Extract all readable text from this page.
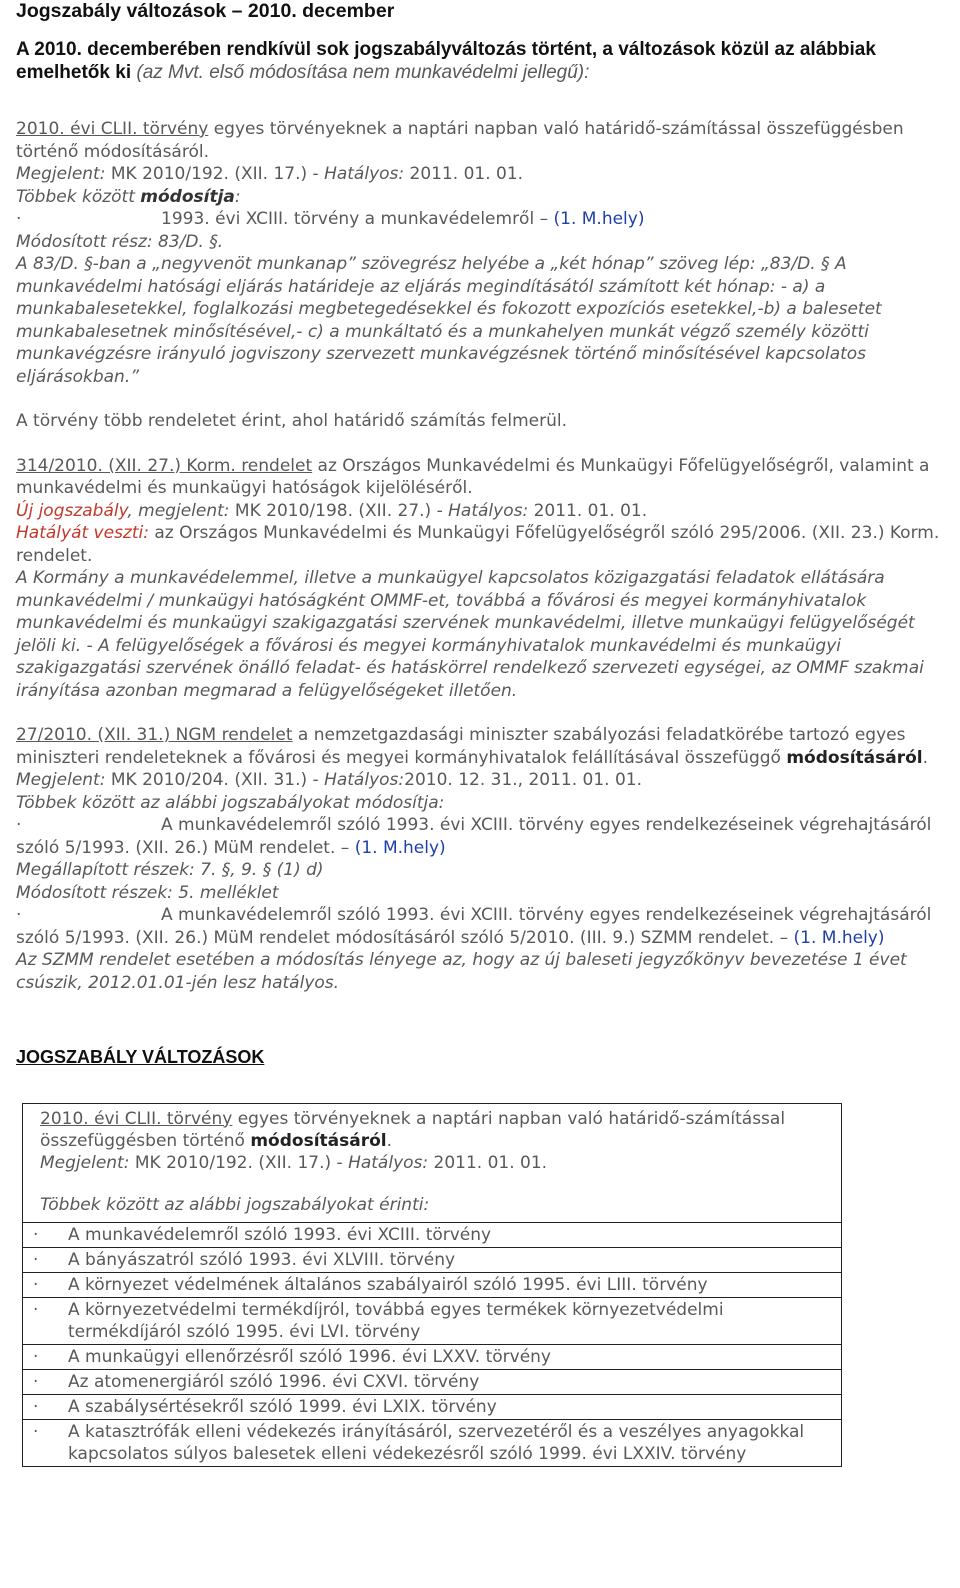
Jogszabály változások – 2010. december

A 2010. decemberében rendkívül sok jogszabályváltozás történt, a változások közül az alábbiak emelhetők ki (az Mvt. első módosítása nem munkavédelmi jellegű):

2010. évi CLII. törvény egyes törvényeknek a naptári napban való határidő-számítással összefüggésben történő módosításáról.

Megjelent: MK 2010/192. (XII. 17.) - Hatályos: 2011. 01. 01.

Többek között módosítja:

·	1993. évi XCIII. törvény a munkavédelemről – (1. M.hely)

Módosított rész: 83/D. §.

A 83/D. §-ban a „negyvenöt munkanap” szövegrész helyébe a „két hónap” szöveg lép: „83/D. § A munkavédelmi hatósági eljárás határideje az eljárás megindításától számított két hónap: - a) a munkabalesetekkel, foglalkozási megbetegedésekkel és fokozott expozíciós esetekkel,-b) a balesetet munkabalesetnek minősítésével,- c) a munkáltató és a munkahelyen munkát végző személy közötti munkavégzésre irányuló jogviszony szervezett munkavégzésnek történő minősítésével kapcsolatos eljárásokban.”

A törvény több rendeletet érint, ahol határidő számítás felmerül.

314/2010. (XII. 27.) Korm. rendelet az Országos Munkavédelmi és Munkaügyi Főfelügyelőségről, valamint a munkavédelmi és munkaügyi hatóságok kijelöléséről.

Új jogszabály, megjelent: MK 2010/198. (XII. 27.) - Hatályos: 2011. 01. 01.

Hatályát veszti: az Országos Munkavédelmi és Munkaügyi Főfelügyelőségről szóló 295/2006. (XII. 23.) Korm. rendelet.

A Kormány a munkavédelemmel, illetve a munkaügyel kapcsolatos közigazgatási feladatok ellátására munkavédelmi / munkaügyi hatóságként OMMF-et, továbbá a fővárosi és megyei kormányhivatalok munkavédelmi és munkaügyi szakigazgatási szervének munkavédelmi, illetve munkaügyi felügyelőségét jelöli ki. - A felügyelőségek a fővárosi és megyei kormányhivatalok munkavédelmi és munkaügyi szakigazgatási szervének önálló feladat- és hatáskörrel rendelkező szervezeti egységei, az OMMF szakmai irányítása azonban megmarad a felügyelőségeket illetően.

27/2010. (XII. 31.) NGM rendelet a nemzetgazdasági miniszter szabályozási feladatkörébe tartozó egyes miniszteri rendeleteknek a fővárosi és megyei kormányhivatalok felállításával összefüggő módosításáról.

Megjelent: MK 2010/204. (XII. 31.) - Hatályos:2010. 12. 31., 2011. 01. 01.

Többek között az alábbi jogszabályokat módosítja:

·	A munkavédelemről szóló 1993. évi XCIII. törvény egyes rendelkezéseinek végrehajtásáról szóló 5/1993. (XII. 26.) MüM rendelet. – (1. M.hely)

Megállapított részek: 7. §, 9. § (1) d)

Módosított részek: 5. melléklet

·	A munkavédelemről szóló 1993. évi XCIII. törvény egyes rendelkezéseinek végrehajtásáról szóló 5/1993. (XII. 26.) MüM rendelet módosításáról szóló 5/2010. (III. 9.) SZMM rendelet. – (1. M.hely)

Az SZMM rendelet esetében a módosítás lényege az, hogy az új baleseti jegyzőkönyv bevezetése 1 évet csúszik, 2012.01.01-jén lesz hatályos.

JOGSZABÁLY VÁLTOZÁSOK

2010. évi CLII. törvény egyes törvényeknek a naptári napban való határidő-számítással összefüggésben történő módosításáról.

Megjelent: MK 2010/192. (XII. 17.) - Hatályos: 2011. 01. 01.

Többek között az alábbi jogszabályokat érinti:

·	A munkavédelemről szóló 1993. évi XCIII. törvény
·	A bányászatról szóló 1993. évi XLVIII. törvény
·	A környezet védelmének általános szabályairól szóló 1995. évi LIII. törvény
·	A környezetvédelmi termékdíjról, továbbá egyes termékek környezetvédelmi termékdíjáról szóló 1995. évi LVI. törvény
·	A munkaügyi ellenőrzésről szóló 1996. évi LXXV. törvény
·	Az atomenergiáról szóló 1996. évi CXVI. törvény
·	A szabálysértésekről szóló 1999. évi LXIX. törvény
·	A katasztrófák elleni védekezés irányításáról, szervezetéről és a veszélyes anyagokkal kapcsolatos súlyos balesetek elleni védekezésről szóló 1999. évi LXXIV. törvény
